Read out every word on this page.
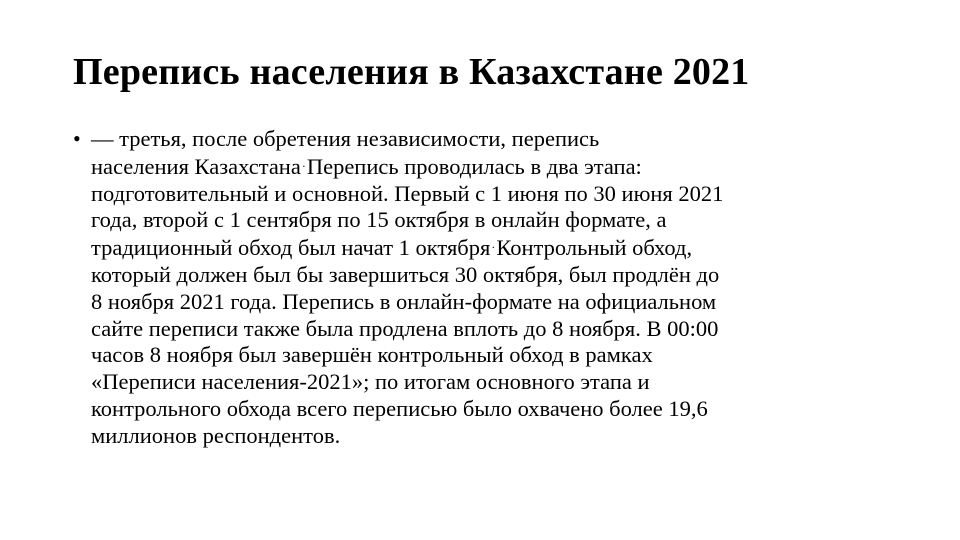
Перепись населения в Казахстане 2021
• — третья, после обретения независимости, перепись
населения Казахстана·Перепись проводилась в два этапа:
подготовительный и основной. Первый с 1 июня по 30 июня 2021
года, второй с 1 сентября по 15 октября в онлайн формате, а
традиционный обход был начат 1 октября·Контрольный обход,
который должен был бы завершиться 30 октября, был продлён до
8 ноября 2021 года. Перепись в онлайн-формате на официальном
сайте переписи также была продлена вплоть до 8 ноября. В 00:00
часов 8 ноября был завершён контрольный обход в рамках
«Переписи населения-2021»; по итогам основного этапа и
контрольного обхода всего переписью было охвачено более 19,6
миллионов респондентов.
